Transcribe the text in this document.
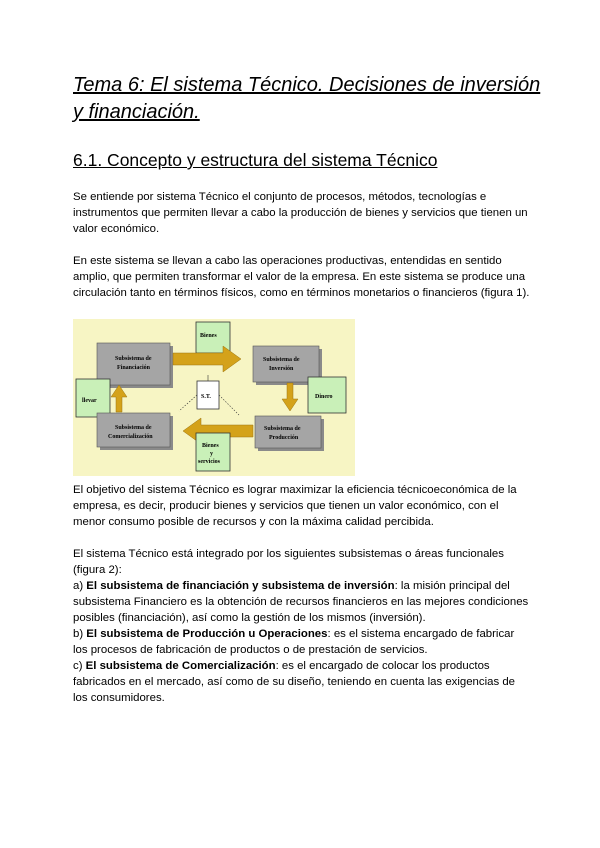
Tema 6: El sistema Técnico. Decisiones de inversión y financiación.
6.1. Concepto y estructura del sistema Técnico

Se entiende por sistema Técnico el conjunto de procesos, métodos, tecnologías e instrumentos que permiten llevar a cabo la producción de bienes y servicios que tienen un valor económico.

En este sistema se llevan a cabo las operaciones productivas, entendidas en sentido amplio, que permiten transformar el valor de la empresa. En este sistema se produce una circulación tanto en términos físicos, como en términos monetarios o financieros (figura 1).

Bienes
Subsistema de
Financiación
Subsistema de
Inversión
llevar
S.T.	Dinero
Subsistema de
Comercialización
Subsistema de
Producción
Bienes
y
servicios

El objetivo del sistema Técnico es lograr maximizar la eficiencia técnicoeconómica de la empresa, es decir, producir bienes y servicios que tienen un valor económico, con el menor consumo posible de recursos y con la máxima calidad percibida.

El sistema Técnico está integrado por los siguientes subsistemas o áreas funcionales (figura 2):
a) El subsistema de financiación y subsistema de inversión: la misión principal del subsistema Financiero es la obtención de recursos financieros en las mejores condiciones posibles (financiación), así como la gestión de los mismos (inversión).
b) El subsistema de Producción u Operaciones: es el sistema encargado de fabricar los procesos de fabricación de productos o de prestación de servicios.
c) El subsistema de Comercialización: es el encargado de colocar los productos fabricados en el mercado, así como de su diseño, teniendo en cuenta las exigencias de los consumidores.
